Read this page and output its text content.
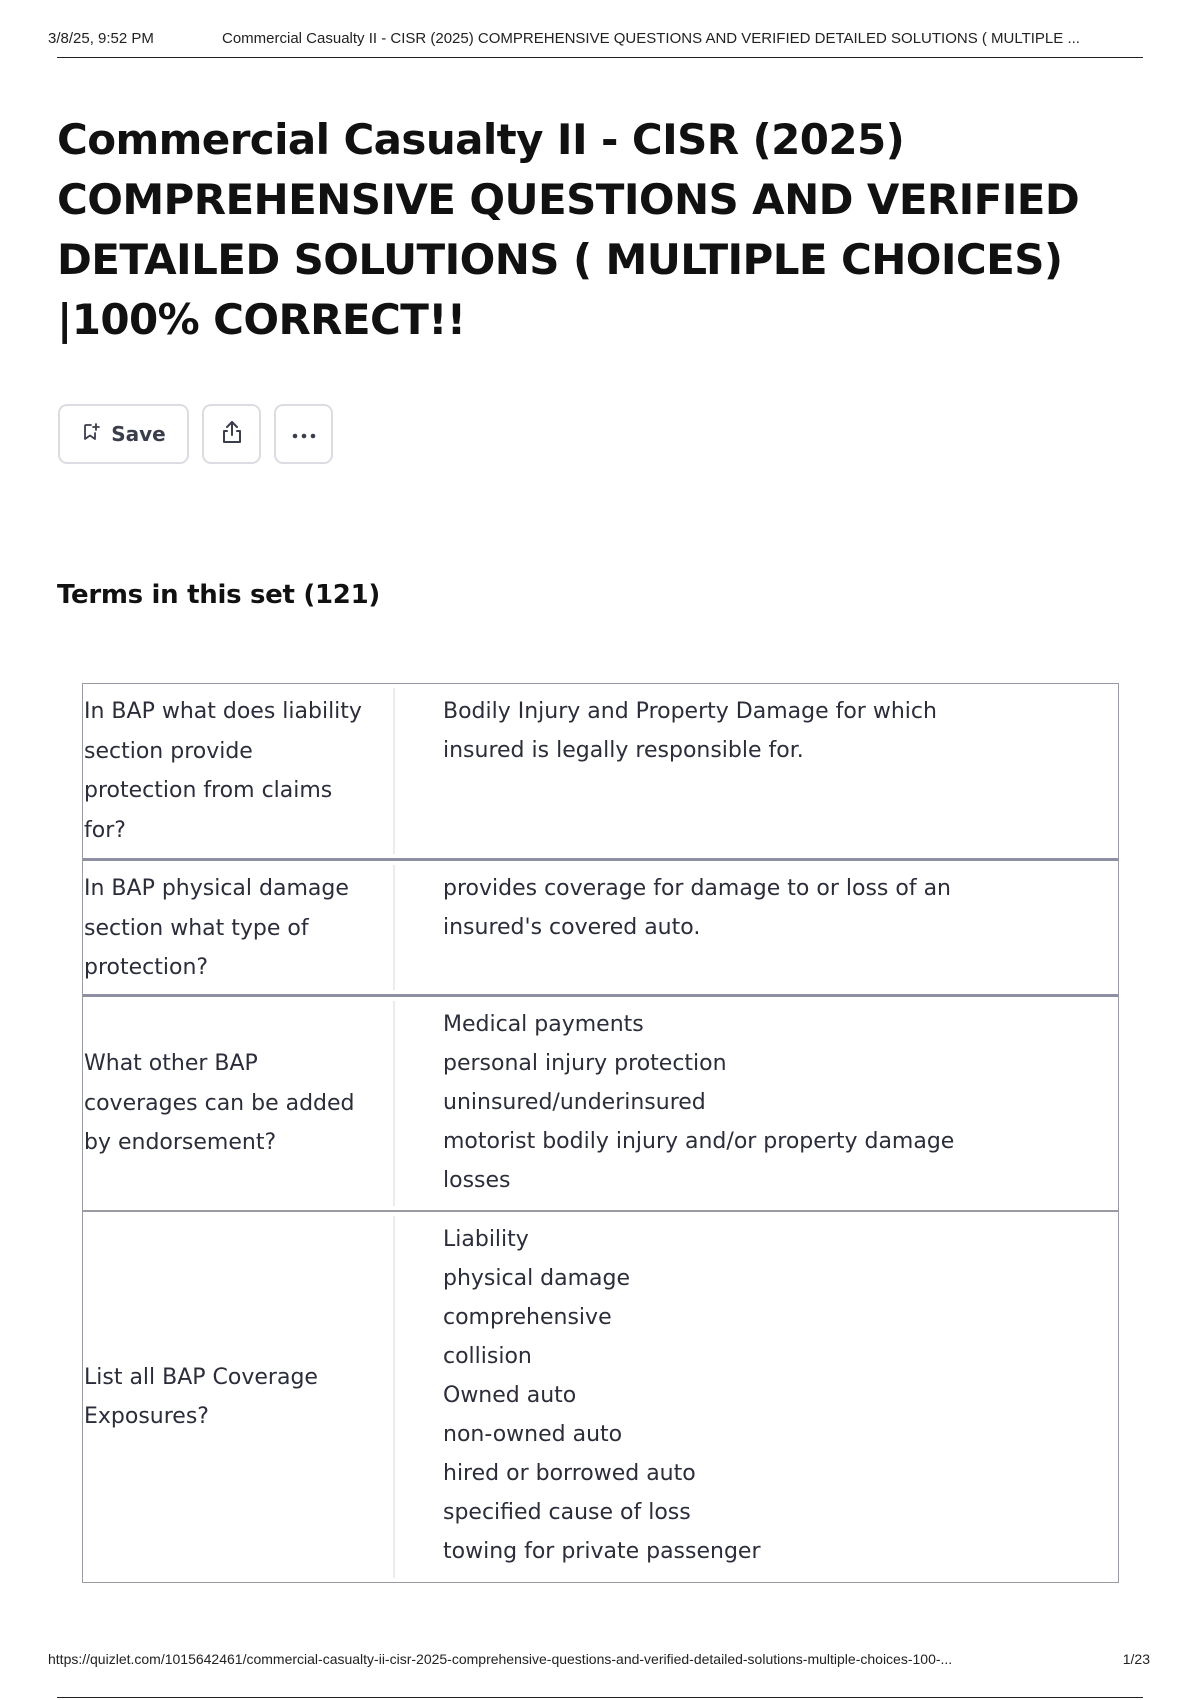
3/8/25, 9:52 PM	Commercial Casualty II - CISR (2025) COMPREHENSIVE QUESTIONS AND VERIFIED DETAILED SOLUTIONS ( MULTIPLE ...
Commercial Casualty II - CISR (2025)
COMPREHENSIVE QUESTIONS AND VERIFIED
DETAILED SOLUTIONS ( MULTIPLE CHOICES)
|100% CORRECT!!
Save
Terms in this set (121)
In BAP what does liability
section provide
protection from claims
for?
Bodily Injury and Property Damage for which
insured is legally responsible for.
In BAP physical damage
section what type of
protection?
provides coverage for damage to or loss of an
insured's covered auto.
What other BAP
coverages can be added
by endorsement?
Medical payments
personal injury protection
uninsured/underinsured
motorist bodily injury and/or property damage
losses
List all BAP Coverage
Exposures?
Liability
physical damage
comprehensive
collision
Owned auto
non-owned auto
hired or borrowed auto
specified cause of loss
towing for private passenger
https://quizlet.com/1015642461/commercial-casualty-ii-cisr-2025-comprehensive-questions-and-verified-detailed-solutions-multiple-choices-100-...	1/23
